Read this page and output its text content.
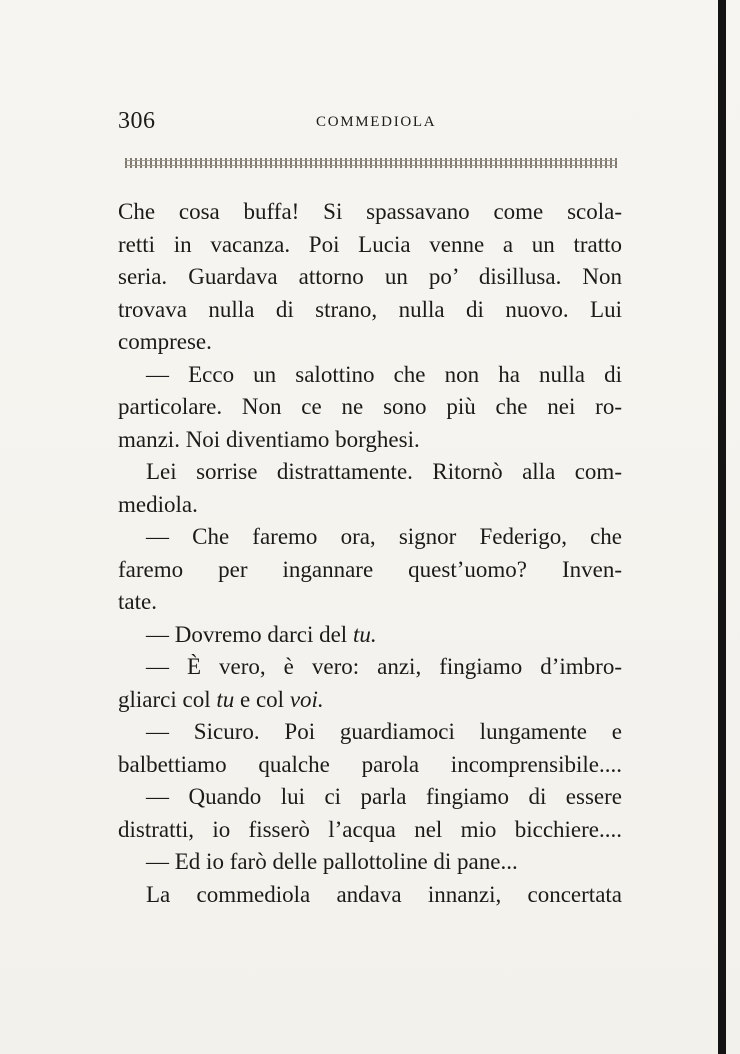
306	COMMEDIOLA
Che cosa buffa! Si spassavano come scola-
retti in vacanza. Poi Lucia venne a un tratto
seria. Guardava attorno un po’ disillusa. Non
trovava nulla di strano, nulla di nuovo. Lui
comprese.
— Ecco un salottino che non ha nulla di
particolare. Non ce ne sono più che nei ro-
manzi. Noi diventiamo borghesi.
Lei sorrise distrattamente. Ritornò alla com-
mediola.
— Che faremo ora, signor Federigo, che
faremo per ingannare quest’uomo? Inven-
tate.
— Dovremo darci del tu.
— È vero, è vero: anzi, fingiamo d’imbro-
gliarci col tu e col voi.
— Sicuro. Poi guardiamoci lungamente e
balbettiamo qualche parola incomprensibile....
— Quando lui ci parla fingiamo di essere
distratti, io fisserò l’acqua nel mio bicchiere....
— Ed io farò delle pallottoline di pane...
La commediola andava innanzi, concertata
